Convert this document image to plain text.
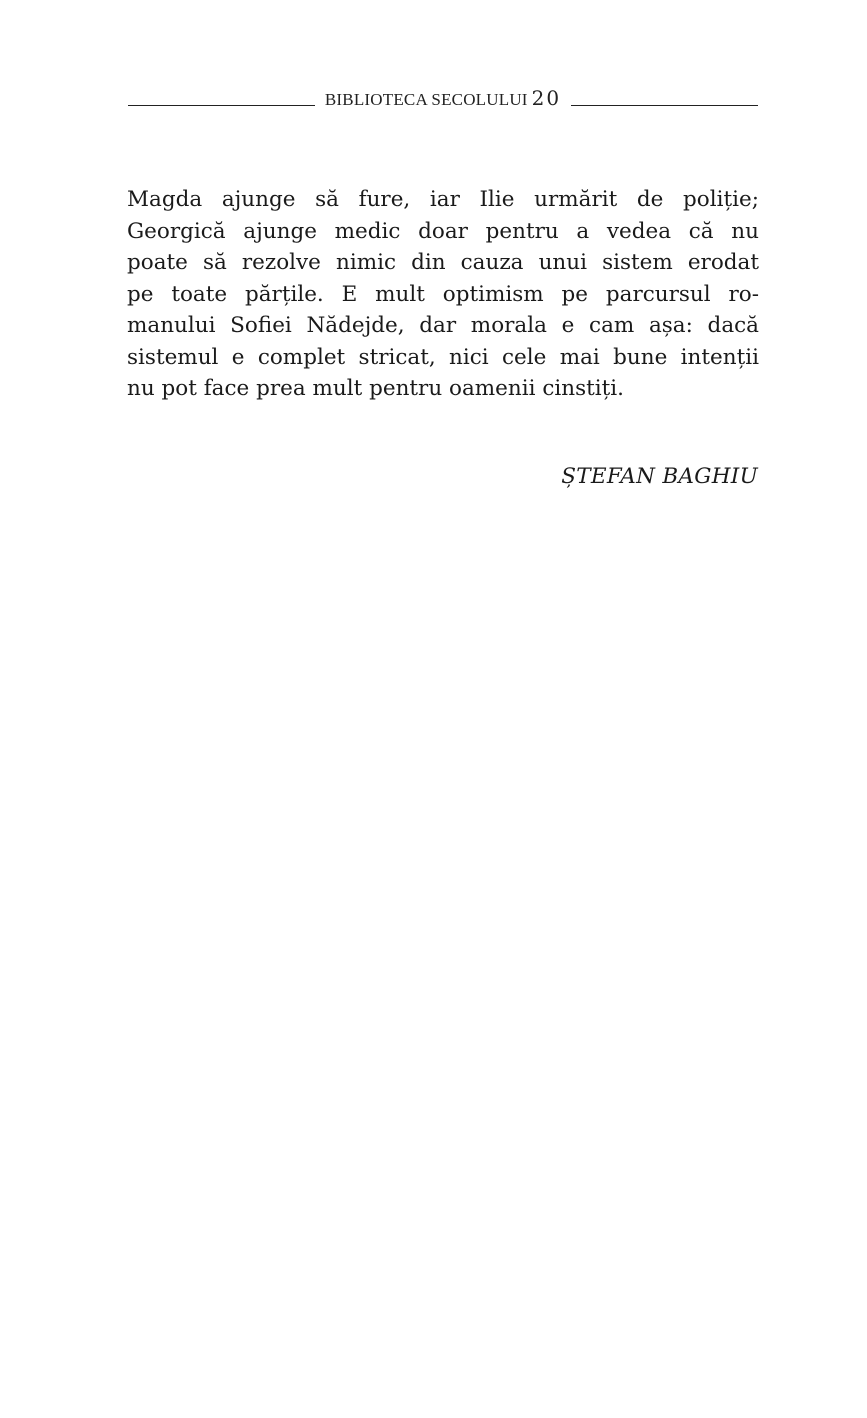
BIBLIOTECA SECOLULUI 20
Magda ajunge să fure, iar Ilie urmărit de poliție;
Georgică ajunge medic doar pentru a vedea că nu
poate să rezolve nimic din cauza unui sistem erodat
pe toate părțile. E mult optimism pe parcursul ro-
manului Sofiei Nădejde, dar morala e cam așa: dacă
sistemul e complet stricat, nici cele mai bune intenții
nu pot face prea mult pentru oamenii cinstiți.
ȘTEFAN BAGHIU
